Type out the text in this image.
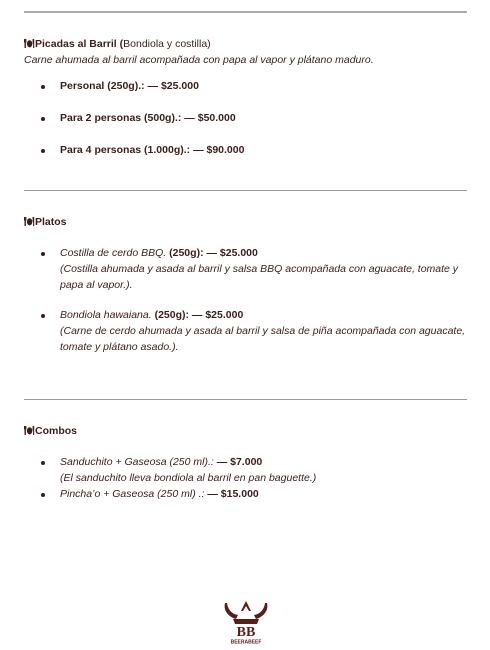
Picadas al Barril (Bondiola y costilla)
Carne ahumada al barril acompañada con papa al vapor y plátano maduro.
Personal (250g).: — $25.000
Para 2 personas (500g).: — $50.000
Para 4 personas (1.000g).: — $90.000
Platos
Costilla de cerdo BBQ. (250g): — $25.000
(Costilla ahumada y asada al barril y salsa BBQ acompañada con aguacate, tomate y papa al vapor.).
Bondiola hawaiana. (250g): — $25.000
(Carne de cerdo ahumada y asada al barril y salsa de piña acompañada con aguacate, tomate y plátano asado.).
Combos
Sanduchito + Gaseosa (250 ml).: — $7.000
(El sanduchito lleva bondiola al barril en pan baguette.)
Pincha’o + Gaseosa (250 ml) .: — $15.000
BB
BEERABEEF
